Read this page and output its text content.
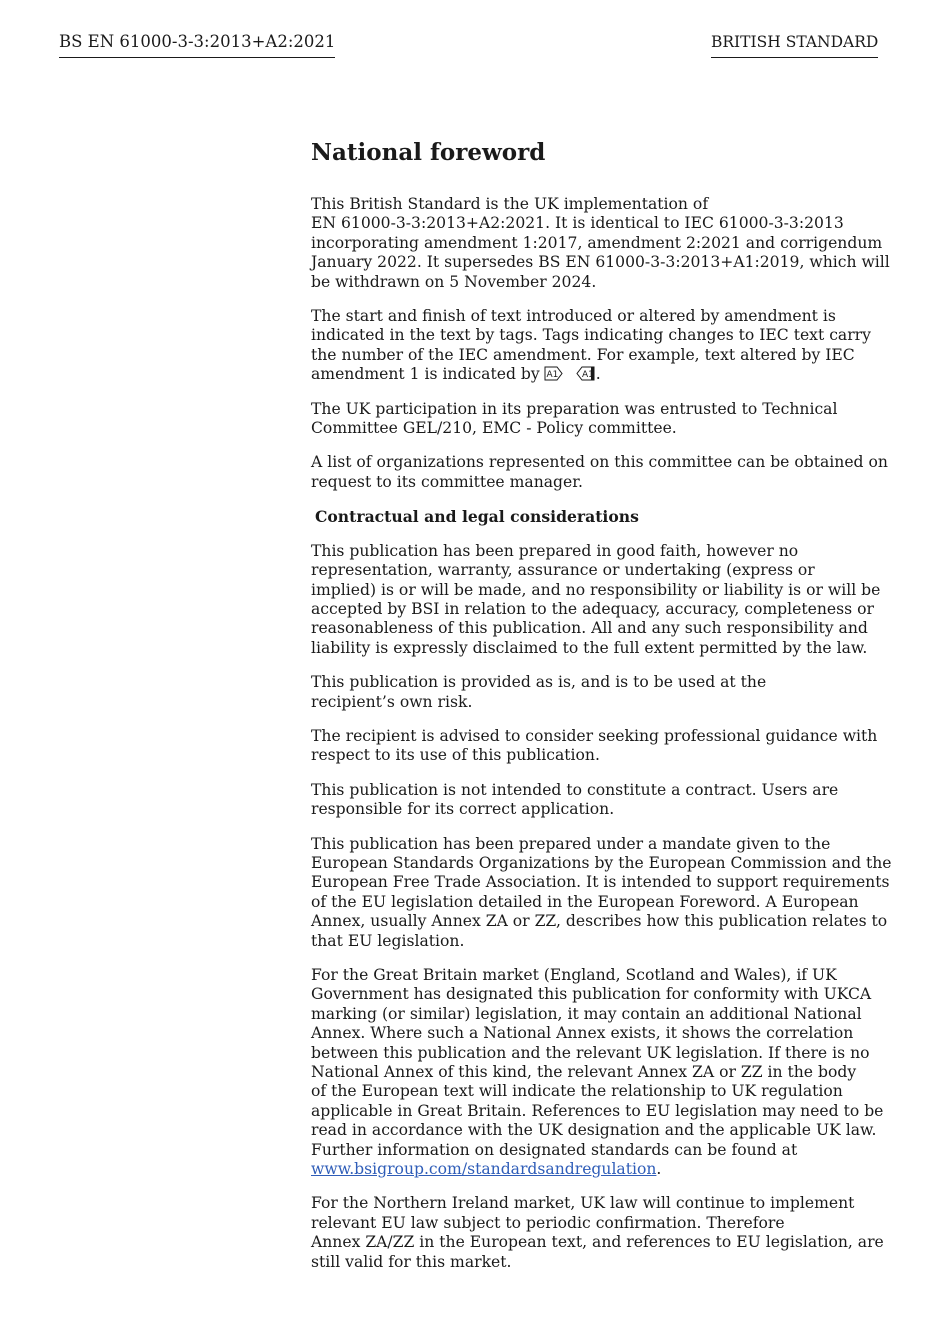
BS EN 61000-3-3:2013+A2:2021	BRITISH STANDARD
National foreword
This British Standard is the UK implementation of
EN 61000-3-3:2013+A2:2021. It is identical to IEC 61000-3-3:2013
incorporating amendment 1:2017, amendment 2:2021 and corrigendum
January 2022. It supersedes BS EN 61000-3-3:2013+A1:2019, which will
be withdrawn on 5 November 2024.
The start and finish of text introduced or altered by amendment is
indicated in the text by tags. Tags indicating changes to IEC text carry
the number of the IEC amendment. For example, text altered by IEC
amendment 1 is indicated by A1	A1 .
The UK participation in its preparation was entrusted to Technical
Committee GEL/210, EMC - Policy committee.
A list of organizations represented on this committee can be obtained on
request to its committee manager.
Contractual and legal considerations
This publication has been prepared in good faith, however no
representation, warranty, assurance or undertaking (express or
implied) is or will be made, and no responsibility or liability is or will be
accepted by BSI in relation to the adequacy, accuracy, completeness or
reasonableness of this publication. All and any such responsibility and
liability is expressly disclaimed to the full extent permitted by the law.
This publication is provided as is, and is to be used at the
recipient’s own risk.
The recipient is advised to consider seeking professional guidance with
respect to its use of this publication.
This publication is not intended to constitute a contract. Users are
responsible for its correct application.
This publication has been prepared under a mandate given to the
European Standards Organizations by the European Commission and the
European Free Trade Association. It is intended to support requirements
of the EU legislation detailed in the European Foreword. A European
Annex, usually Annex ZA or ZZ, describes how this publication relates to
that EU legislation.
For the Great Britain market (England, Scotland and Wales), if UK
Government has designated this publication for conformity with UKCA
marking (or similar) legislation, it may contain an additional National
Annex. Where such a National Annex exists, it shows the correlation
between this publication and the relevant UK legislation. If there is no
National Annex of this kind, the relevant Annex ZA or ZZ in the body
of the European text will indicate the relationship to UK regulation
applicable in Great Britain. References to EU legislation may need to be
read in accordance with the UK designation and the applicable UK law.
Further information on designated standards can be found at
www.bsigroup.com/standardsandregulation.
For the Northern Ireland market, UK law will continue to implement
relevant EU law subject to periodic confirmation. Therefore
Annex ZA/ZZ in the European text, and references to EU legislation, are
still valid for this market.
